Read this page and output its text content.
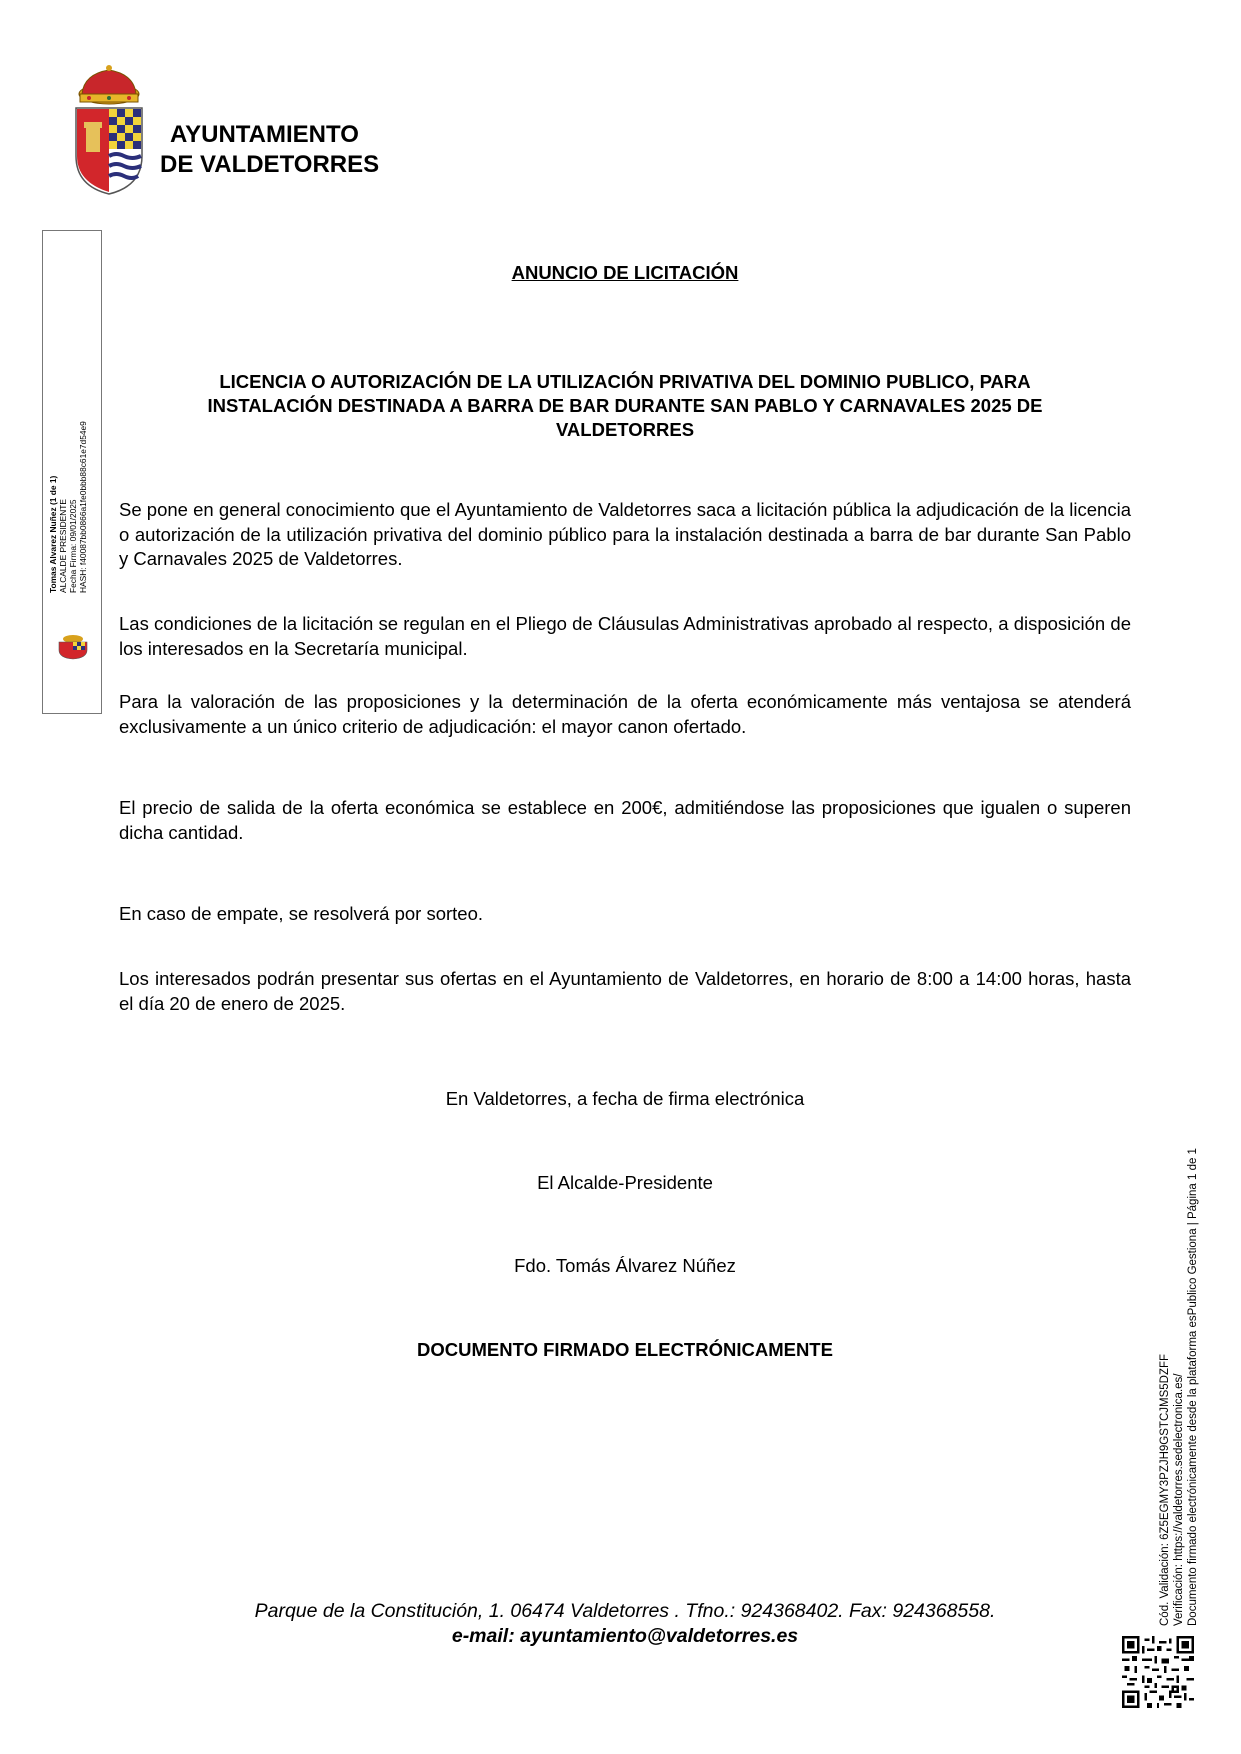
AYUNTAMIENTO
DE VALDETORRES
Tomas Alvarez Nuñez (1 de 1) ALCALDE PRESIDENTE Fecha Firma: 09/01/2025 HASH: f40087bb0866a1fe0bbb88c61e7d54e9
ANUNCIO DE LICITACIÓN
LICENCIA O AUTORIZACIÓN DE LA UTILIZACIÓN PRIVATIVA DEL DOMINIO PUBLICO, PARA
INSTALACIÓN DESTINADA A BARRA DE BAR DURANTE SAN PABLO Y CARNAVALES 2025 DE
VALDETORRES
Se pone en general conocimiento que el Ayuntamiento de Valdetorres saca a licitación pública la adjudicación de la licencia o autorización de la utilización privativa del dominio público para la instalación destinada a barra de bar durante San Pablo y Carnavales 2025 de Valdetorres.
Las condiciones de la licitación se regulan en el Pliego de Cláusulas Administrativas aprobado al respecto, a disposición de los interesados en la Secretaría municipal.
Para la valoración de las proposiciones y la determinación de la oferta económicamente más ventajosa se atenderá exclusivamente a un único criterio de adjudicación: el mayor canon ofertado.
El precio de salida de la oferta económica se establece en 200€, admitiéndose las proposiciones que igualen o superen dicha cantidad.
En caso de empate, se resolverá por sorteo.
Los interesados podrán presentar sus ofertas en el Ayuntamiento de Valdetorres, en horario de 8:00 a 14:00 horas, hasta el día 20 de enero de 2025.
En Valdetorres, a fecha de firma electrónica
El Alcalde-Presidente
Fdo. Tomás Álvarez Núñez
DOCUMENTO FIRMADO ELECTRÓNICAMENTE
Parque de la Constitución, 1. 06474 Valdetorres . Tfno.: 924368402. Fax: 924368558.
e-mail: ayuntamiento@valdetorres.es
Cód. Validación: 6Z5EGMY3PZJH9GSTCJMS5DZFF Verificación: https://valdetorres.sedelectronica.es/ Documento firmado electrónicamente desde la plataforma esPublico Gestiona | Página 1 de 1
